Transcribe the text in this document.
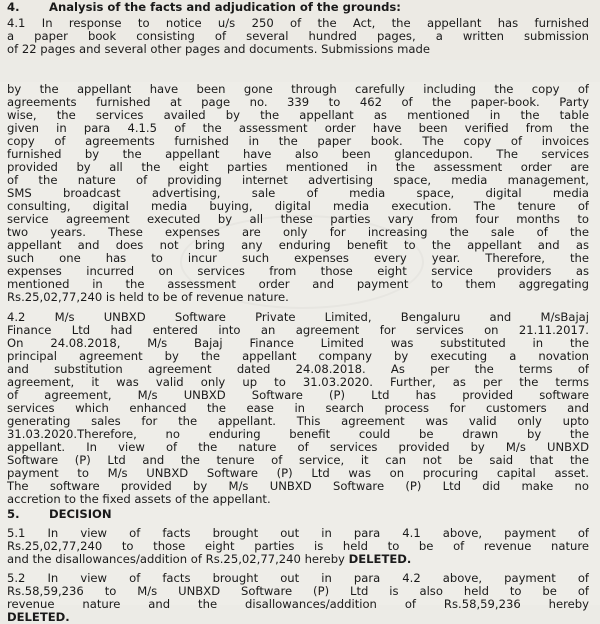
4.	Analysis of the facts and adjudication of the grounds:
4.1 In response to notice u/s 250 of the Act, the appellant has furnished
a paper book consisting of several hundred pages, a written submission
of 22 pages and several other pages and documents. Submissions made
by the appellant have been gone through carefully including the copy of
agreements furnished at page no. 339 to 462 of the paper-book. Party
wise, the services availed by the appellant as mentioned in the table
given in para 4.1.5 of the assessment order have been verified from the
copy of agreements furnished in the paper book. The copy of invoices
furnished by the appellant have also been glancedupon. The services
provided by all the eight parties mentioned in the assessment order are
of the nature of providing internet advertising space, media management,
SMS broadcast advertising, sale of media space, digital media
consulting, digital media buying, digital media execution. The tenure of
service agreement executed by all these parties vary from four months to
two years. These expenses are only for increasing the sale of the
appellant and does not bring any enduring benefit to the appellant and as
such one has to incur such expenses every year. Therefore, the
expenses incurred on services from those eight service providers as
mentioned in the assessment order and payment to them aggregating
Rs.25,02,77,240 is held to be of revenue nature.
4.2 M/s UNBXD Software Private Limited, Bengaluru and M/sBajaj
Finance Ltd had entered into an agreement for services on 21.11.2017.
On 24.08.2018, M/s Bajaj Finance Limited was substituted in the
principal agreement by the appellant company by executing a novation
and substitution agreement dated 24.08.2018. As per the terms of
agreement, it was valid only up to 31.03.2020. Further, as per the terms
of agreement, M/s UNBXD Software (P) Ltd has provided software
services which enhanced the ease in search process for customers and
generating sales for the appellant. This agreement was valid only upto
31.03.2020.Therefore, no enduring benefit could be drawn by the
appellant. In view of the nature of services provided by M/s UNBXD
Software (P) Ltd and the tenure of service, it can not be said that the
payment to M/s UNBXD Software (P) Ltd was on procuring capital asset.
The software provided by M/s UNBXD Software (P) Ltd did make no
accretion to the fixed assets of the appellant.
5.	DECISION
5.1 In view of facts brought out in para 4.1 above, payment of
Rs.25,02,77,240 to those eight parties is held to be of revenue nature
and the disallowances/addition of Rs.25,02,77,240 hereby DELETED.
5.2 In view of facts brought out in para 4.2 above, payment of
Rs.58,59,236 to M/s UNBXD Software (P) Ltd is also held to be of
revenue nature and the disallowances/addition of Rs.58,59,236 hereby
DELETED.
